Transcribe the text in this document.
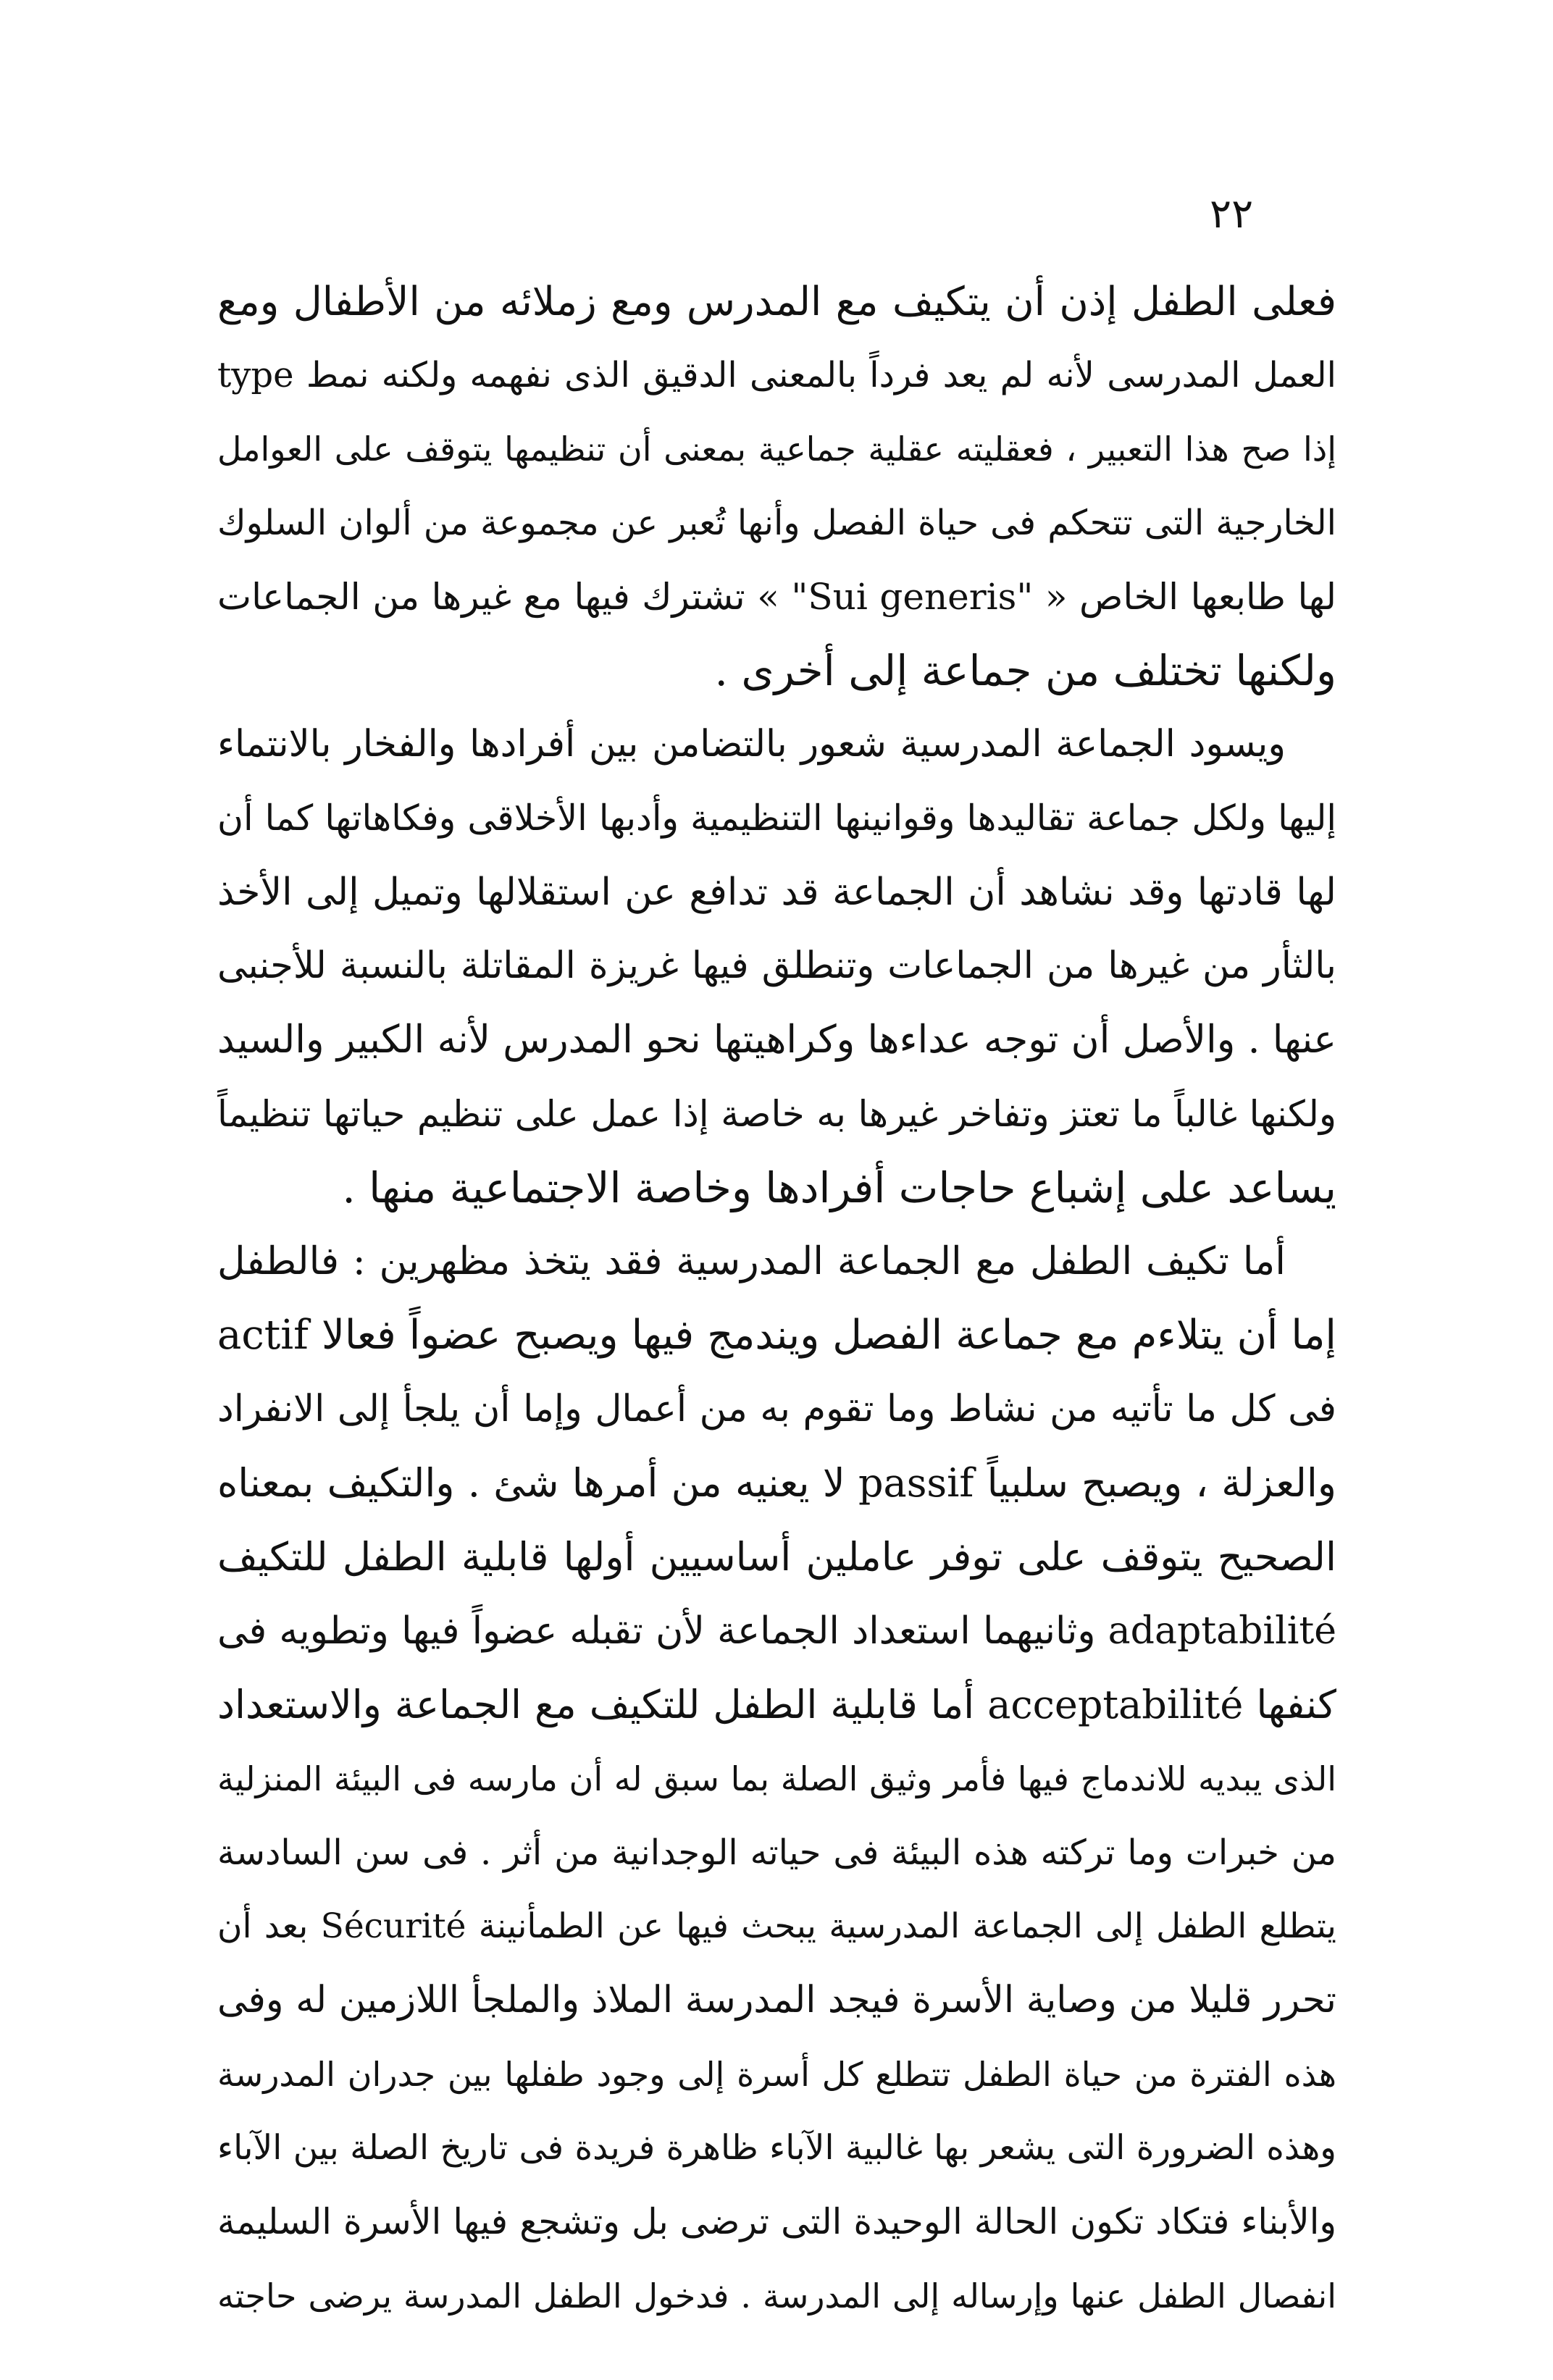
٢٢
فعلى الطفل إذن أن يتكيف مع المدرس ومع زملائه من الأطفال ومع
العمل المدرسى لأنه لم يعد فرداً بالمعنى الدقيق الذى نفهمه ولكنه نمط type
إذا صح هذا التعبير ، فعقليته عقلية جماعية بمعنى أن تنظيمها يتوقف على العوامل
الخارجية التى تتحكم فى حياة الفصل وأنها تُعبر عن مجموعة من ألوان السلوك
لها طابعها الخاص « "Sui generis" » تشترك فيها مع غيرها من الجماعات
ولكنها تختلف من جماعة إلى أخرى .
ويسود الجماعة المدرسية شعور بالتضامن بين أفرادها والفخار بالانتماء
إليها ولكل جماعة تقاليدها وقوانينها التنظيمية وأدبها الأخلاقى وفكاهاتها كما أن
لها قادتها وقد نشاهد أن الجماعة قد تدافع عن استقلالها وتميل إلى الأخذ
بالثأر من غيرها من الجماعات وتنطلق فيها غريزة المقاتلة بالنسبة للأجنبى
عنها . والأصل أن توجه عداءها وكراهيتها نحو المدرس لأنه الكبير والسيد
ولكنها غالباً ما تعتز وتفاخر غيرها به خاصة إذا عمل على تنظيم حياتها تنظيماً
يساعد على إشباع حاجات أفرادها وخاصة الاجتماعية منها .
أما تكيف الطفل مع الجماعة المدرسية فقد يتخذ مظهرين : فالطفل
إما أن يتلاءم مع جماعة الفصل ويندمج فيها ويصبح عضواً فعالا actif
فى كل ما تأتيه من نشاط وما تقوم به من أعمال وإما أن يلجأ إلى الانفراد
والعزلة ، ويصبح سلبياً passif لا يعنيه من أمرها شئ . والتكيف بمعناه
الصحيح يتوقف على توفر عاملين أساسيين أولها قابلية الطفل للتكيف
adaptabilité وثانيهما استعداد الجماعة لأن تقبله عضواً فيها وتطويه فى
كنفها acceptabilité أما قابلية الطفل للتكيف مع الجماعة والاستعداد
الذى يبديه للاندماج فيها فأمر وثيق الصلة بما سبق له أن مارسه فى البيئة المنزلية
من خبرات وما تركته هذه البيئة فى حياته الوجدانية من أثر . فى سن السادسة
يتطلع الطفل إلى الجماعة المدرسية يبحث فيها عن الطمأنينة Sécurité بعد أن
تحرر قليلا من وصاية الأسرة فيجد المدرسة الملاذ والملجأ اللازمين له وفى
هذه الفترة من حياة الطفل تتطلع كل أسرة إلى وجود طفلها بين جدران المدرسة
وهذه الضرورة التى يشعر بها غالبية الآباء ظاهرة فريدة فى تاريخ الصلة بين الآباء
والأبناء فتكاد تكون الحالة الوحيدة التى ترضى بل وتشجع فيها الأسرة السليمة
انفصال الطفل عنها وإرساله إلى المدرسة . فدخول الطفل المدرسة يرضى حاجته
